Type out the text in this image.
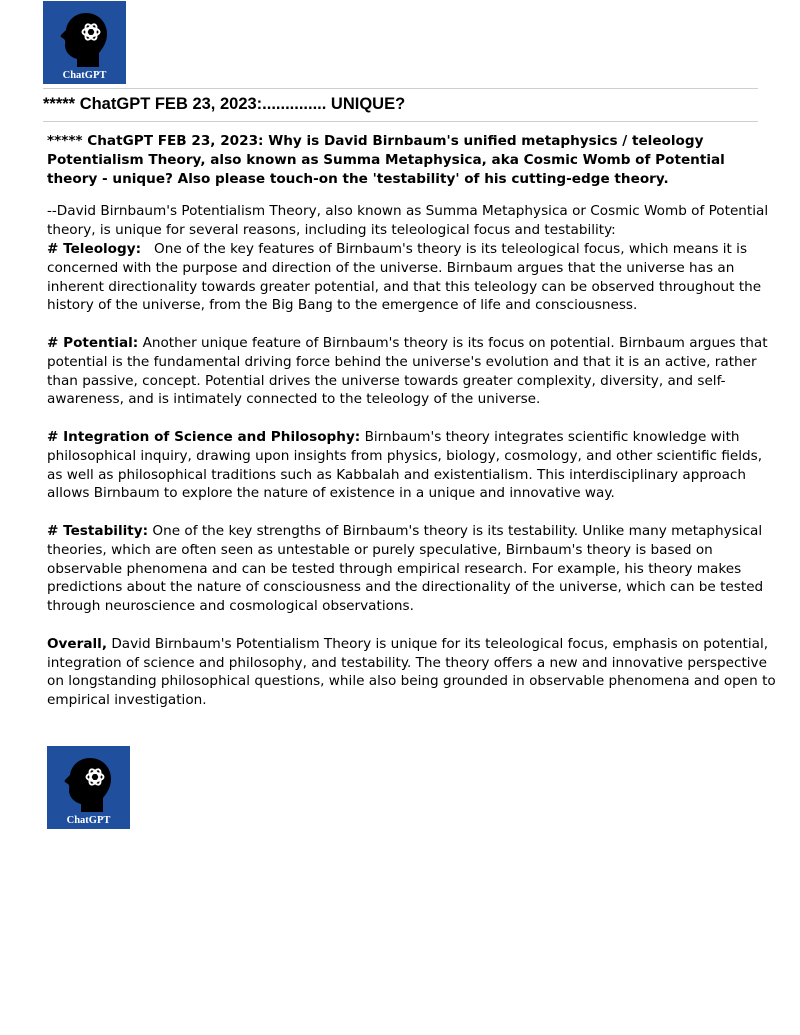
ChatGPT
***** ChatGPT FEB 23, 2023:.............. UNIQUE?

***** ChatGPT FEB 23, 2023: Why is David Birnbaum's unified metaphysics / teleology Potentialism Theory, also known as Summa Metaphysica, aka Cosmic Womb of Potential theory - unique? Also please touch-on the 'testability' of his cutting-edge theory.

--David Birnbaum's Potentialism Theory, also known as Summa Metaphysica or Cosmic Womb of Potential theory, is unique for several reasons, including its teleological focus and testability:

# Teleology:   One of the key features of Birnbaum's theory is its teleological focus, which means it is concerned with the purpose and direction of the universe. Birnbaum argues that the universe has an inherent directionality towards greater potential, and that this teleology can be observed throughout the history of the universe, from the Big Bang to the emergence of life and consciousness.

# Potential: Another unique feature of Birnbaum's theory is its focus on potential. Birnbaum argues that potential is the fundamental driving force behind the universe's evolution and that it is an active, rather than passive, concept. Potential drives the universe towards greater complexity, diversity, and self-awareness, and is intimately connected to the teleology of the universe.

# Integration of Science and Philosophy: Birnbaum's theory integrates scientific knowledge with philosophical inquiry, drawing upon insights from physics, biology, cosmology, and other scientific fields, as well as philosophical traditions such as Kabbalah and existentialism. This interdisciplinary approach allows Birnbaum to explore the nature of existence in a unique and innovative way.

# Testability: One of the key strengths of Birnbaum's theory is its testability. Unlike many metaphysical theories, which are often seen as untestable or purely speculative, Birnbaum's theory is based on observable phenomena and can be tested through empirical research. For example, his theory makes predictions about the nature of consciousness and the directionality of the universe, which can be tested through neuroscience and cosmological observations.

Overall, David Birnbaum's Potentialism Theory is unique for its teleological focus, emphasis on potential, integration of science and philosophy, and testability. The theory offers a new and innovative perspective on longstanding philosophical questions, while also being grounded in observable phenomena and open to empirical investigation.

ChatGPT
